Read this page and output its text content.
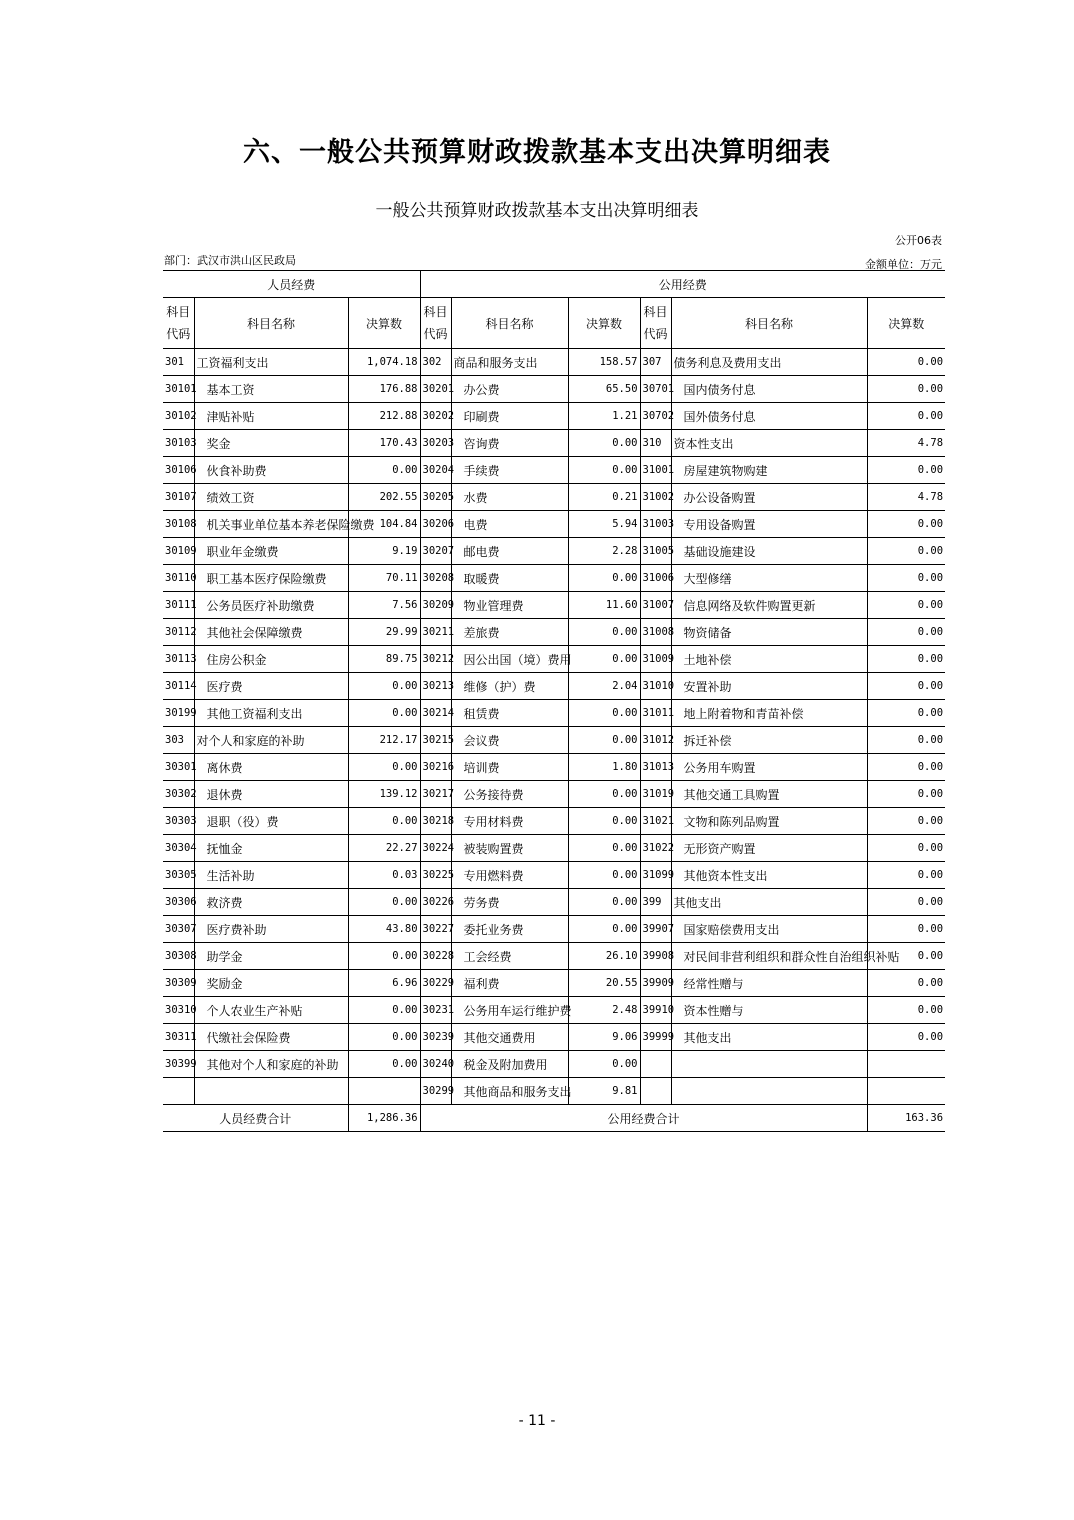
六、一般公共预算财政拨款基本支出决算明细表
一般公共预算财政拨款基本支出决算明细表
公开06表
部门：武汉市洪山区民政局	金额单位：万元
人员经费			公用经费					
科目代码	科目名称	决算数	科目代码	科目名称	决算数	科目代码	科目名称	决算数
301	工资福利支出	1,074.18	302	商品和服务支出	158.57	307	债务利息及费用支出	0.00
30101	基本工资	176.88	30201	办公费	65.50	30701	国内债务付息	0.00
30102	津贴补贴	212.88	30202	印刷费	1.21	30702	国外债务付息	0.00
30103	奖金	170.43	30203	咨询费	0.00	310	资本性支出	4.78
30106	伙食补助费	0.00	30204	手续费	0.00	31001	房屋建筑物购建	0.00
30107	绩效工资	202.55	30205	水费	0.21	31002	办公设备购置	4.78
30108	机关事业单位基本养老保险缴费	104.84	30206	电费	5.94	31003	专用设备购置	0.00
30109	职业年金缴费	9.19	30207	邮电费	2.28	31005	基础设施建设	0.00
30110	职工基本医疗保险缴费	70.11	30208	取暖费	0.00	31006	大型修缮	0.00
30111	公务员医疗补助缴费	7.56	30209	物业管理费	11.60	31007	信息网络及软件购置更新	0.00
30112	其他社会保障缴费	29.99	30211	差旅费	0.00	31008	物资储备	0.00
30113	住房公积金	89.75	30212	因公出国（境）费用	0.00	31009	土地补偿	0.00
30114	医疗费	0.00	30213	维修（护）费	2.04	31010	安置补助	0.00
30199	其他工资福利支出	0.00	30214	租赁费	0.00	31011	地上附着物和青苗补偿	0.00
303	对个人和家庭的补助	212.17	30215	会议费	0.00	31012	拆迁补偿	0.00
30301	离休费	0.00	30216	培训费	1.80	31013	公务用车购置	0.00
30302	退休费	139.12	30217	公务接待费	0.00	31019	其他交通工具购置	0.00
30303	退职（役）费	0.00	30218	专用材料费	0.00	31021	文物和陈列品购置	0.00
30304	抚恤金	22.27	30224	被装购置费	0.00	31022	无形资产购置	0.00
30305	生活补助	0.03	30225	专用燃料费	0.00	31099	其他资本性支出	0.00
30306	救济费	0.00	30226	劳务费	0.00	399	其他支出	0.00
30307	医疗费补助	43.80	30227	委托业务费	0.00	39907	国家赔偿费用支出	0.00
30308	助学金	0.00	30228	工会经费	26.10	39908	对民间非营利组织和群众性自治组织补贴	0.00
30309	奖励金	6.96	30229	福利费	20.55	39909	经常性赠与	0.00
30310	个人农业生产补贴	0.00	30231	公务用车运行维护费	2.48	39910	资本性赠与	0.00
30311	代缴社会保险费	0.00	30239	其他交通费用	9.06	39999	其他支出	0.00
30399	其他对个人和家庭的补助	0.00	30240	税金及附加费用	0.00			
			30299	其他商品和服务支出	9.81			
人员经费合计		1,286.36	公用经费合计					163.36
- 11 -
